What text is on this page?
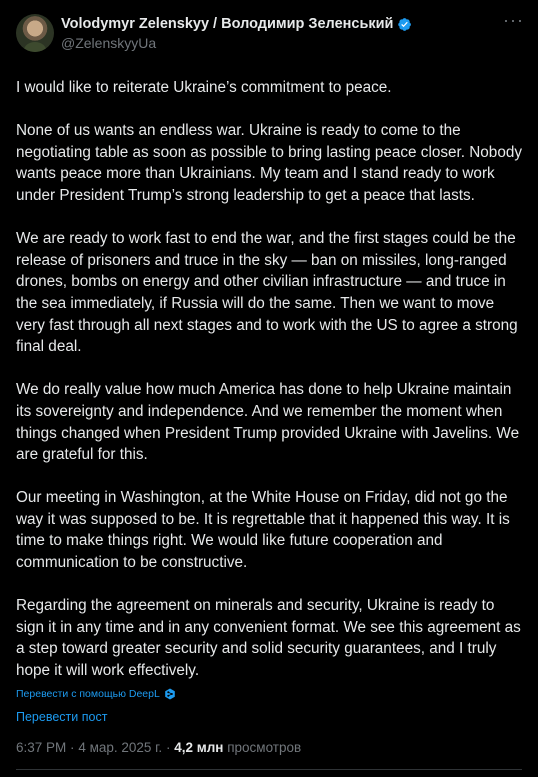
Volodymyr Zelenskyy / Володимир Зеленський
@ZelenskyyUa
···

I would like to reiterate Ukraine’s commitment to peace.

None of us wants an endless war. Ukraine is ready to come to the negotiating table as soon as possible to bring lasting peace closer. Nobody wants peace more than Ukrainians. My team and I stand ready to work under President Trump’s strong leadership to get a peace that lasts.

We are ready to work fast to end the war, and the first stages could be the release of prisoners and truce in the sky — ban on missiles, long-ranged drones, bombs on energy and other civilian infrastructure — and truce in the sea immediately, if Russia will do the same. Then we want to move very fast through all next stages and to work with the US to agree a strong final deal.

We do really value how much America has done to help Ukraine maintain its sovereignty and independence. And we remember the moment when things changed when President Trump provided Ukraine with Javelins. We are grateful for this.

Our meeting in Washington, at the White House on Friday, did not go the way it was supposed to be. It is regrettable that it happened this way. It is time to make things right. We would like future cooperation and communication to be constructive.

Regarding the agreement on minerals and security, Ukraine is ready to sign it in any time and in any convenient format. We see this agreement as a step toward greater security and solid security guarantees, and I truly hope it will work effectively.

Перевести с помощью DeepL
Перевести пост
6:37 PM · 4 мар. 2025 г. · 4,2 млн просмотров
